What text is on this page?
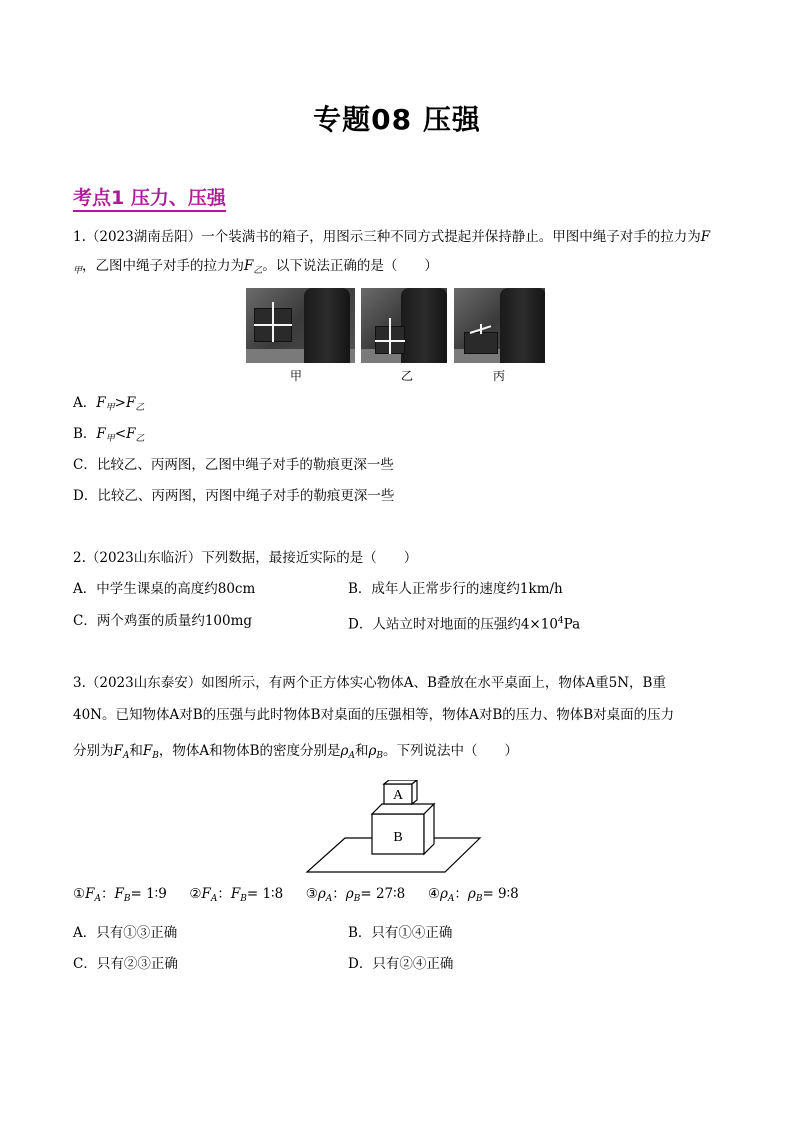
专题08 压强
考点1 压力、压强
1.（2023湖南岳阳）一个装满书的箱子，用图示三种不同方式提起并保持静止。甲图中绳子对手的拉力为F
$_甲$，乙图中绳子对手的拉力为$F_乙$。以下说法正确的是（　　）
甲	乙	丙
A．$F_甲>F_乙$
B．$F_甲<F_乙$
C．比较乙、丙两图，乙图中绳子对手的勒痕更深一些
D．比较乙、丙两图，丙图中绳子对手的勒痕更深一些
2.（2023山东临沂）下列数据，最接近实际的是（　　）
A．中学生课桌的高度约80cm	B．成年人正常步行的速度约1km/h
C．两个鸡蛋的质量约100mg	D．人站立时对地面的压强约$4\times 10^4Pa$
3.（2023山东泰安）如图所示，有两个正方体实心物体A、B叠放在水平桌面上，物体A重5N，B重
40N。已知物体A对B的压强与此时物体B对桌面的压强相等，物体A对B的压力、物体B对桌面的压力
分别为$F_A$和$F_B$，物体A和物体B的密度分别是$\rho_A$和$\rho_B$。下列说法中（　　）
A
B
$①F_A$：$F_B=$ 1∶9 $②F_A$：$F_B=$ 1∶8 $③\rho_A$：$\rho_B=$ 27∶8 $④\rho_A$：$\rho_B=$ 9∶8
A．只有①③正确	B．只有①④正确
C．只有②③正确	D．只有②④正确
